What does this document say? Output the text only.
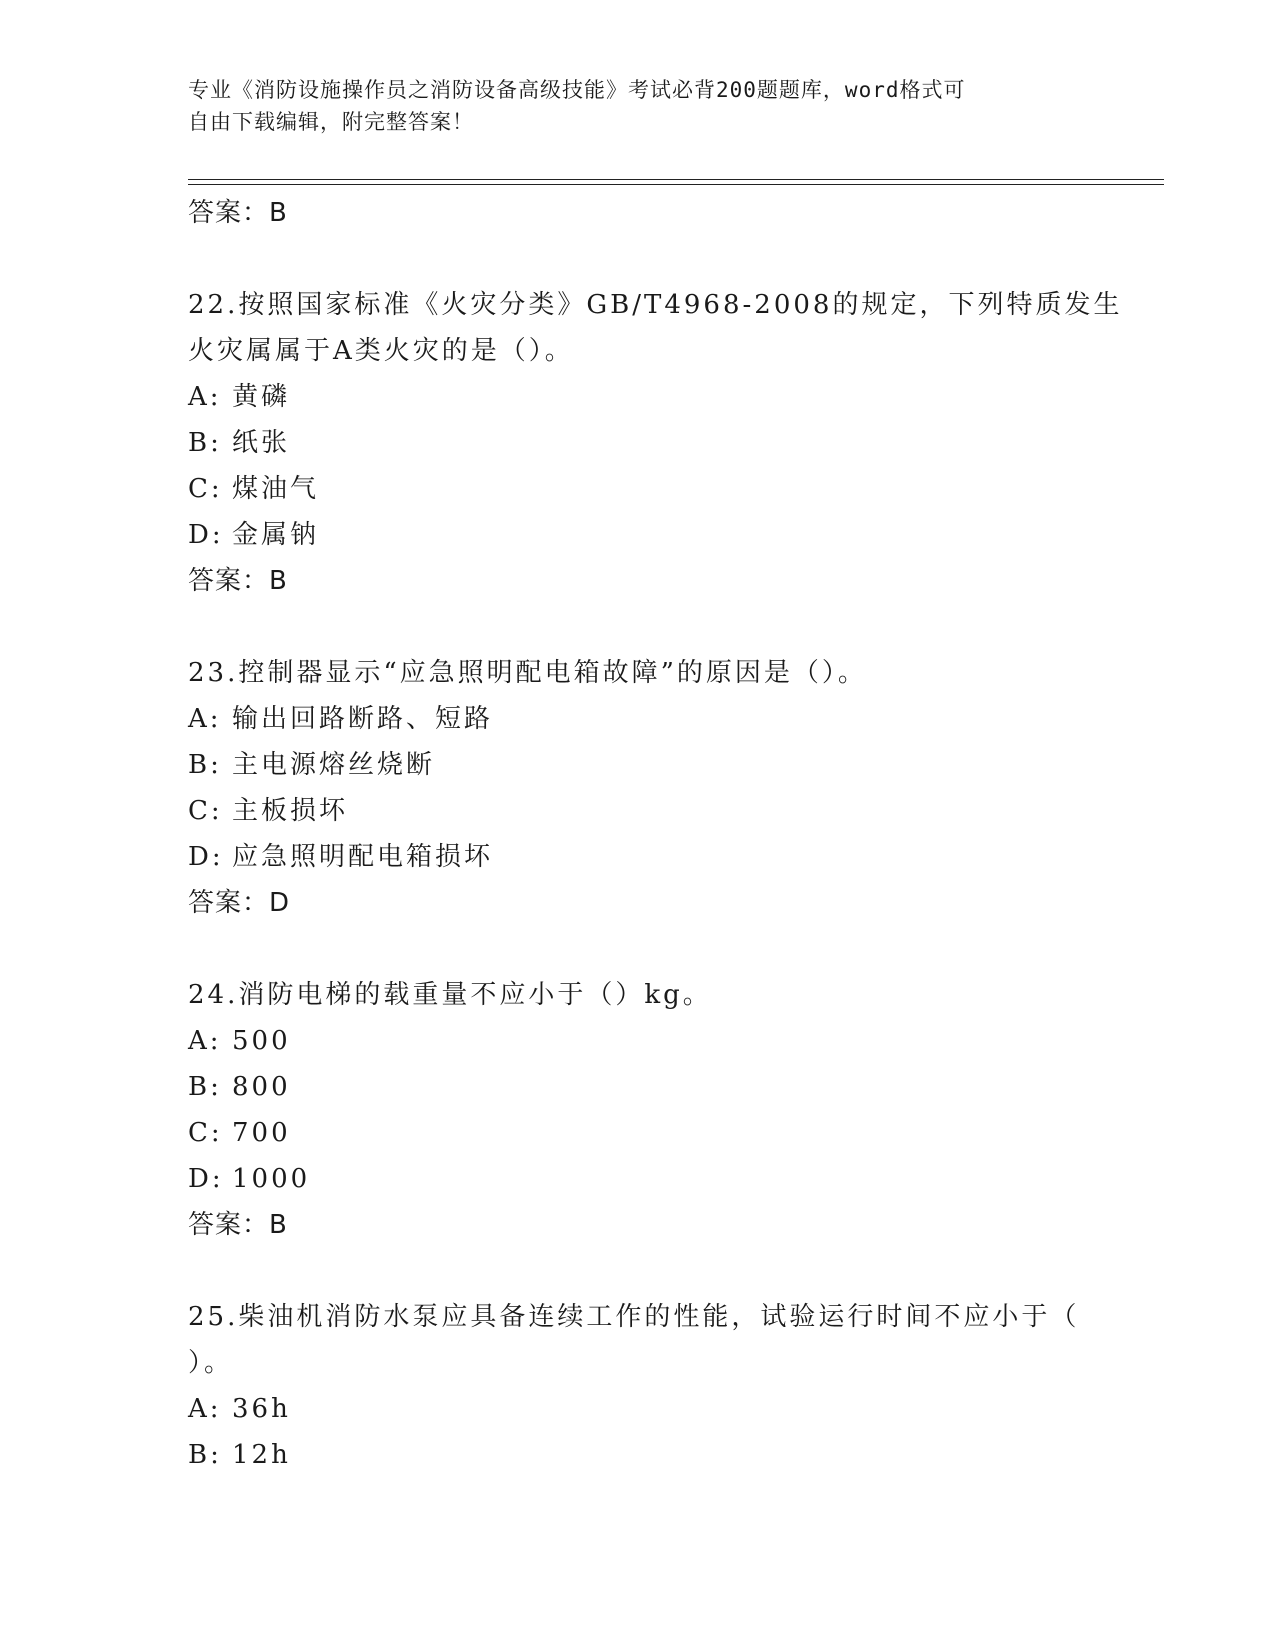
专业《消防设施操作员之消防设备高级技能》考试必背200题题库，word格式可
自由下载编辑，附完整答案！
答案：B
22.按照国家标准《火灾分类》GB/T4968-2008的规定，下列特质发生
火灾属属于A类火灾的是（）。
A: 黄磷
B: 纸张
C: 煤油气
D: 金属钠
答案：B
23.控制器显示“应急照明配电箱故障”的原因是（）。
A: 输出回路断路、短路
B: 主电源熔丝烧断
C: 主板损坏
D: 应急照明配电箱损坏
答案：D
24.消防电梯的载重量不应小于（）kg。
A: 500
B: 800
C: 700
D: 1000
答案：B
25.柴油机消防水泵应具备连续工作的性能，试验运行时间不应小于（
）。
A: 36h
B: 12h
